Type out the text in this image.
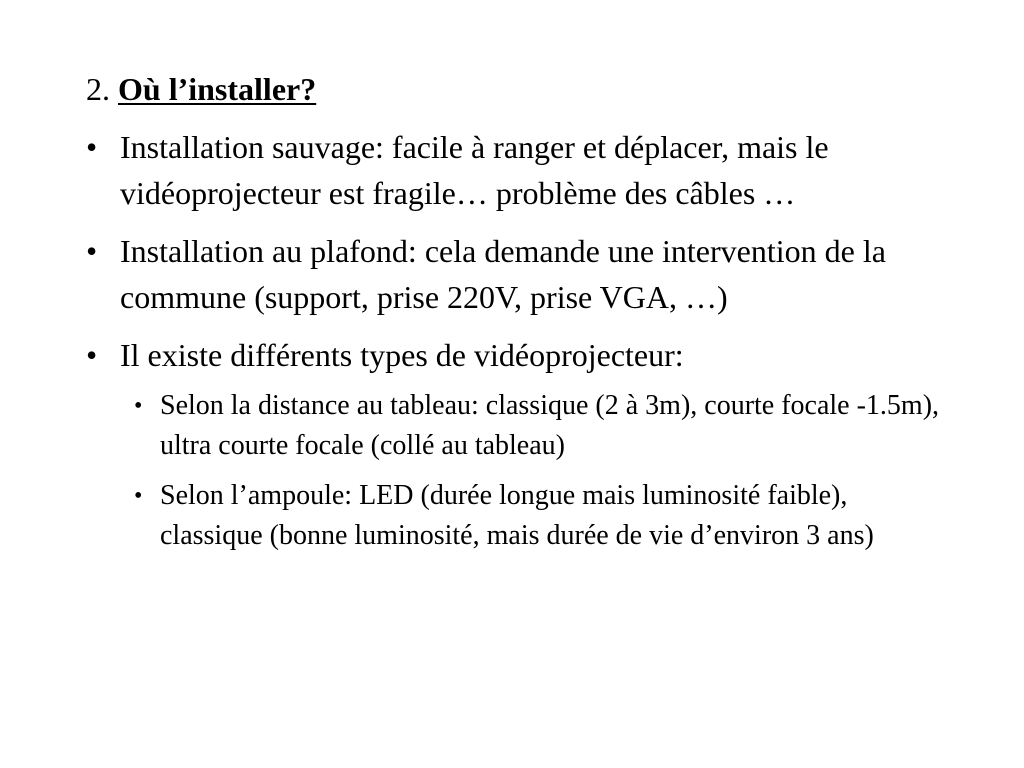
2. Où l’installer?
• Installation sauvage: facile à ranger et déplacer, mais le vidéoprojecteur est fragile… problème des câbles …
• Installation au plafond: cela demande une intervention de la commune (support, prise 220V, prise VGA, …)
• Il existe différents types de vidéoprojecteur:
• Selon la distance au tableau: classique (2 à 3m), courte focale -1.5m), ultra courte focale (collé au tableau)
• Selon l’ampoule: LED (durée longue mais luminosité faible), classique (bonne luminosité, mais durée de vie d’environ 3 ans)
